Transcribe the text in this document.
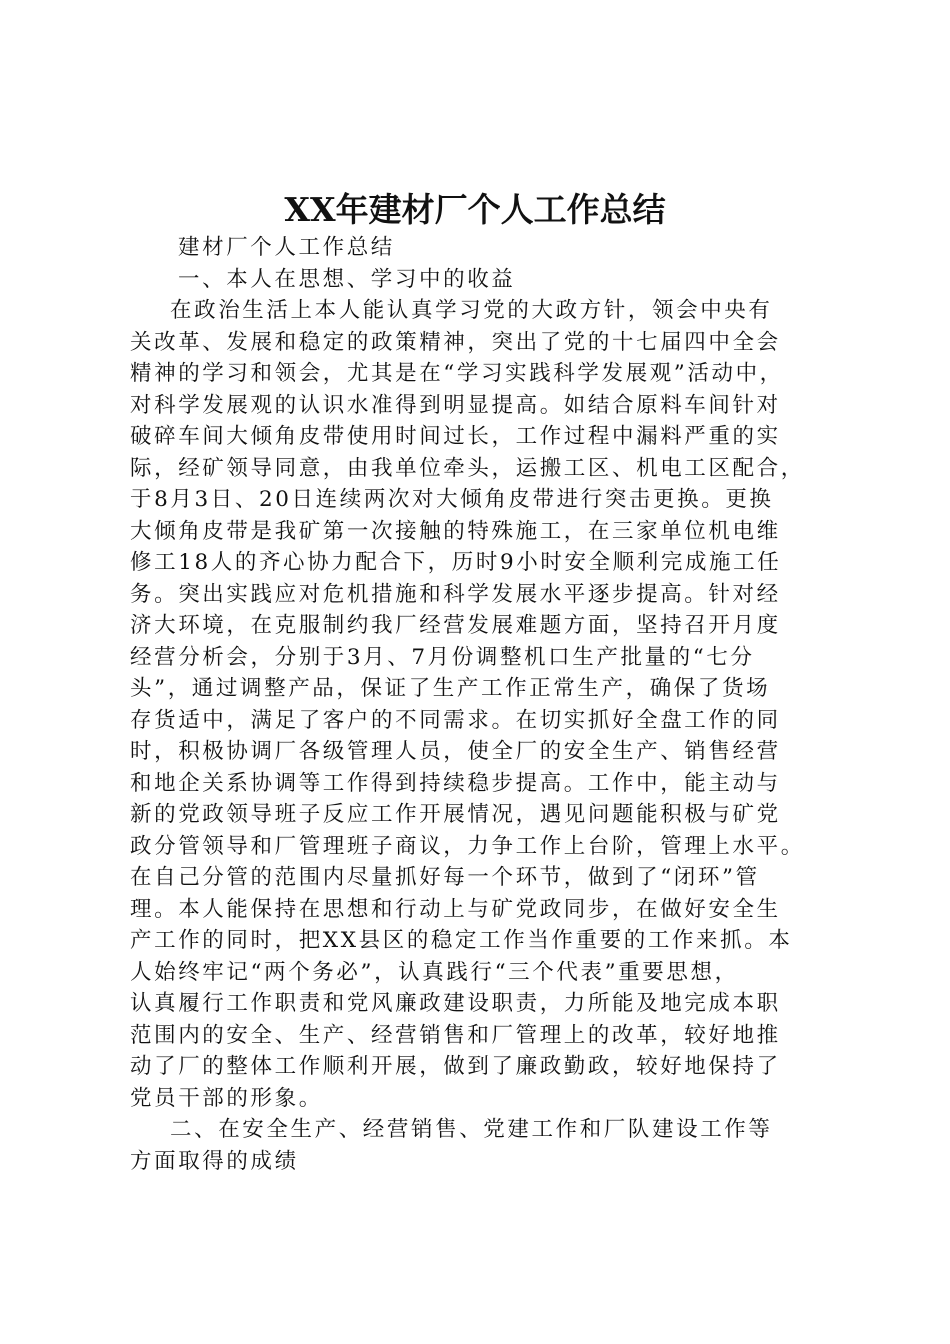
XX年建材厂个人工作总结
建材厂个人工作总结
一、本人在思想、学习中的收益
在政治生活上本人能认真学习党的大政方针，领会中央有
关改革、发展和稳定的政策精神，突出了党的十七届四中全会
精神的学习和领会，尤其是在“学习实践科学发展观”活动中，
对科学发展观的认识水准得到明显提高。如结合原料车间针对
破碎车间大倾角皮带使用时间过长，工作过程中漏料严重的实
际，经矿领导同意，由我单位牵头，运搬工区、机电工区配合，
于8月3日、20日连续两次对大倾角皮带进行突击更换。更换
大倾角皮带是我矿第一次接触的特殊施工，在三家单位机电维
修工18人的齐心协力配合下，历时9小时安全顺利完成施工任
务。突出实践应对危机措施和科学发展水平逐步提高。针对经
济大环境，在克服制约我厂经营发展难题方面，坚持召开月度
经营分析会，分别于3月、7月份调整机口生产批量的“七分
头”，通过调整产品，保证了生产工作正常生产，确保了货场
存货适中，满足了客户的不同需求。在切实抓好全盘工作的同
时，积极协调厂各级管理人员，使全厂的安全生产、销售经营
和地企关系协调等工作得到持续稳步提高。工作中，能主动与
新的党政领导班子反应工作开展情况，遇见问题能积极与矿党
政分管领导和厂管理班子商议，力争工作上台阶，管理上水平。
在自己分管的范围内尽量抓好每一个环节，做到了“闭环”管
理。本人能保持在思想和行动上与矿党政同步，在做好安全生
产工作的同时，把XX县区的稳定工作当作重要的工作来抓。本
人始终牢记“两个务必”，认真践行“三个代表”重要思想，
认真履行工作职责和党风廉政建设职责，力所能及地完成本职
范围内的安全、生产、经营销售和厂管理上的改革，较好地推
动了厂的整体工作顺利开展，做到了廉政勤政，较好地保持了
党员干部的形象。
二、在安全生产、经营销售、党建工作和厂队建设工作等
方面取得的成绩
